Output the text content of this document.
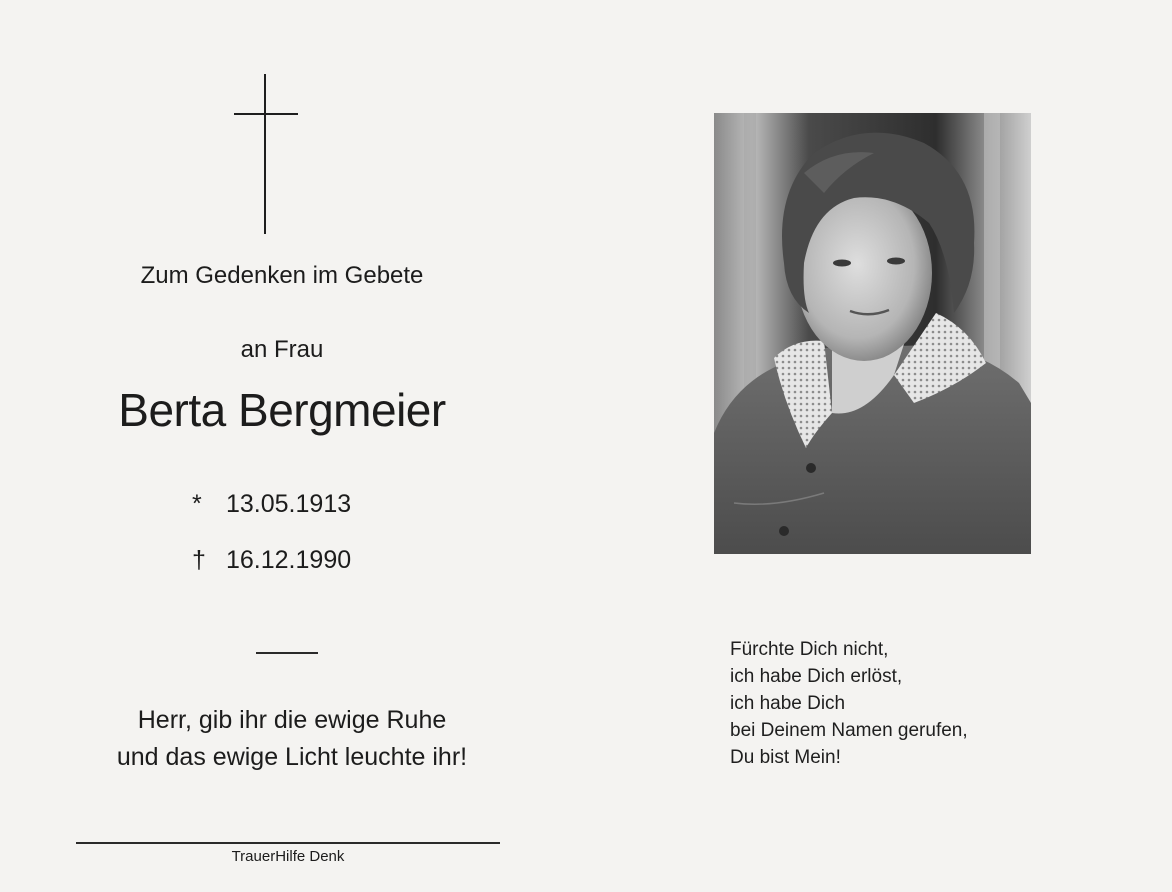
Zum Gedenken im Gebete
an Frau
Berta Bergmeier
* 13.05.1913
† 16.12.1990
Herr, gib ihr die ewige Ruhe
und das ewige Licht leuchte ihr!
TrauerHilfe Denk
Fürchte Dich nicht,
ich habe Dich erlöst,
ich habe Dich
bei Deinem Namen gerufen,
Du bist Mein!
